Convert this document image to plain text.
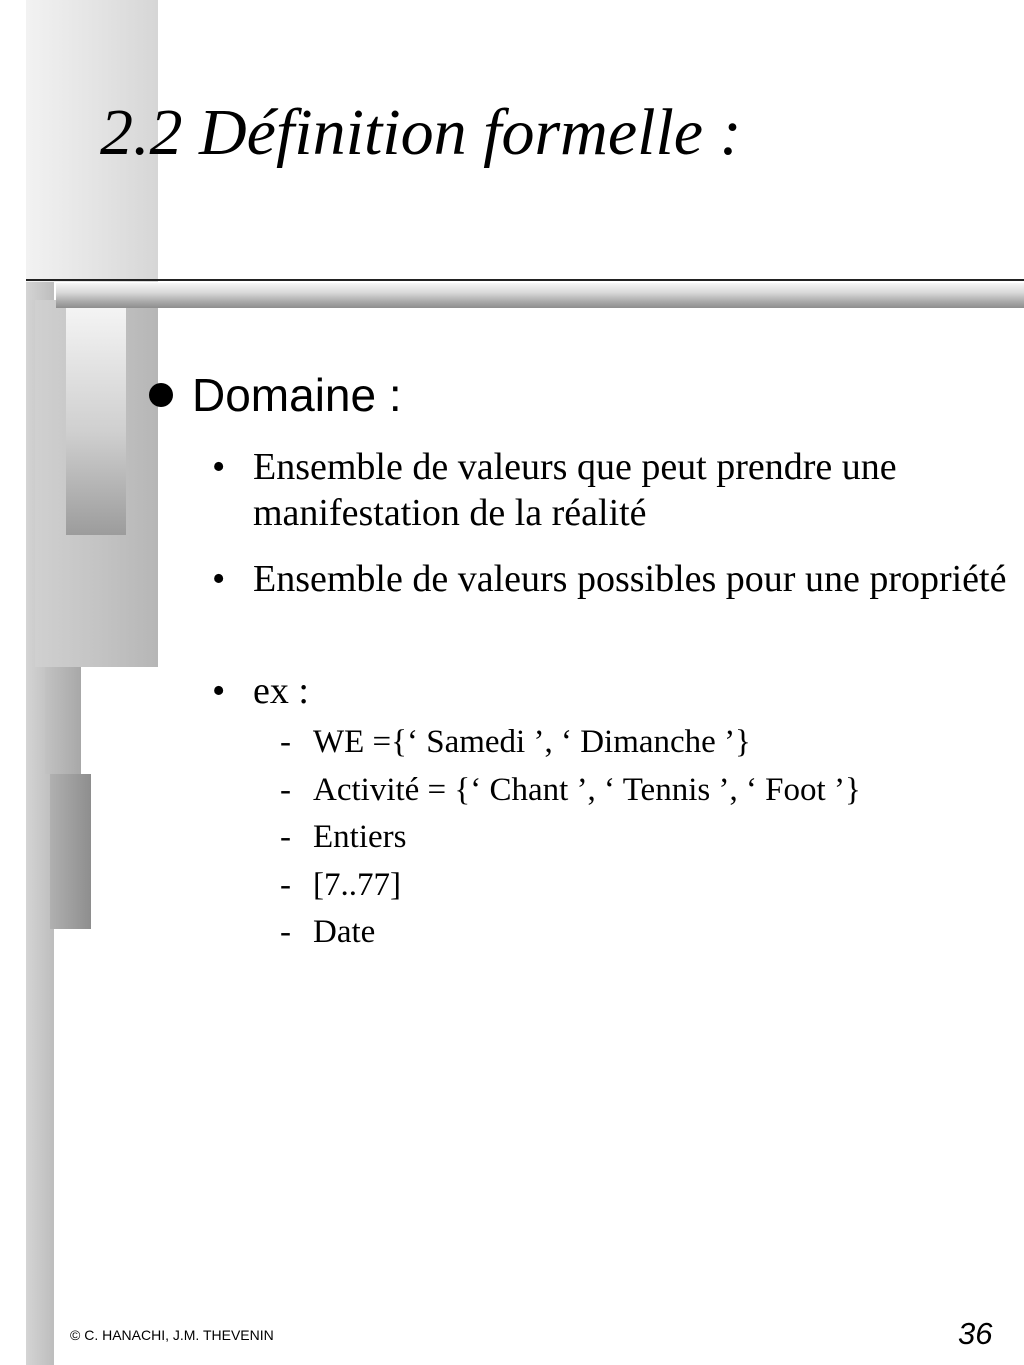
2.2 Définition formelle :
Domaine :
• Ensemble de valeurs que peut prendre une manifestation de la réalité
• Ensemble de valeurs possibles pour une propriété
• ex :
- WE ={‘ Samedi ’, ‘ Dimanche ’}
- Activité = {‘ Chant ’, ‘ Tennis ’, ‘ Foot ’}
- Entiers
- [7..77]
- Date
© C. HANACHI, J.M. THEVENIN	36
